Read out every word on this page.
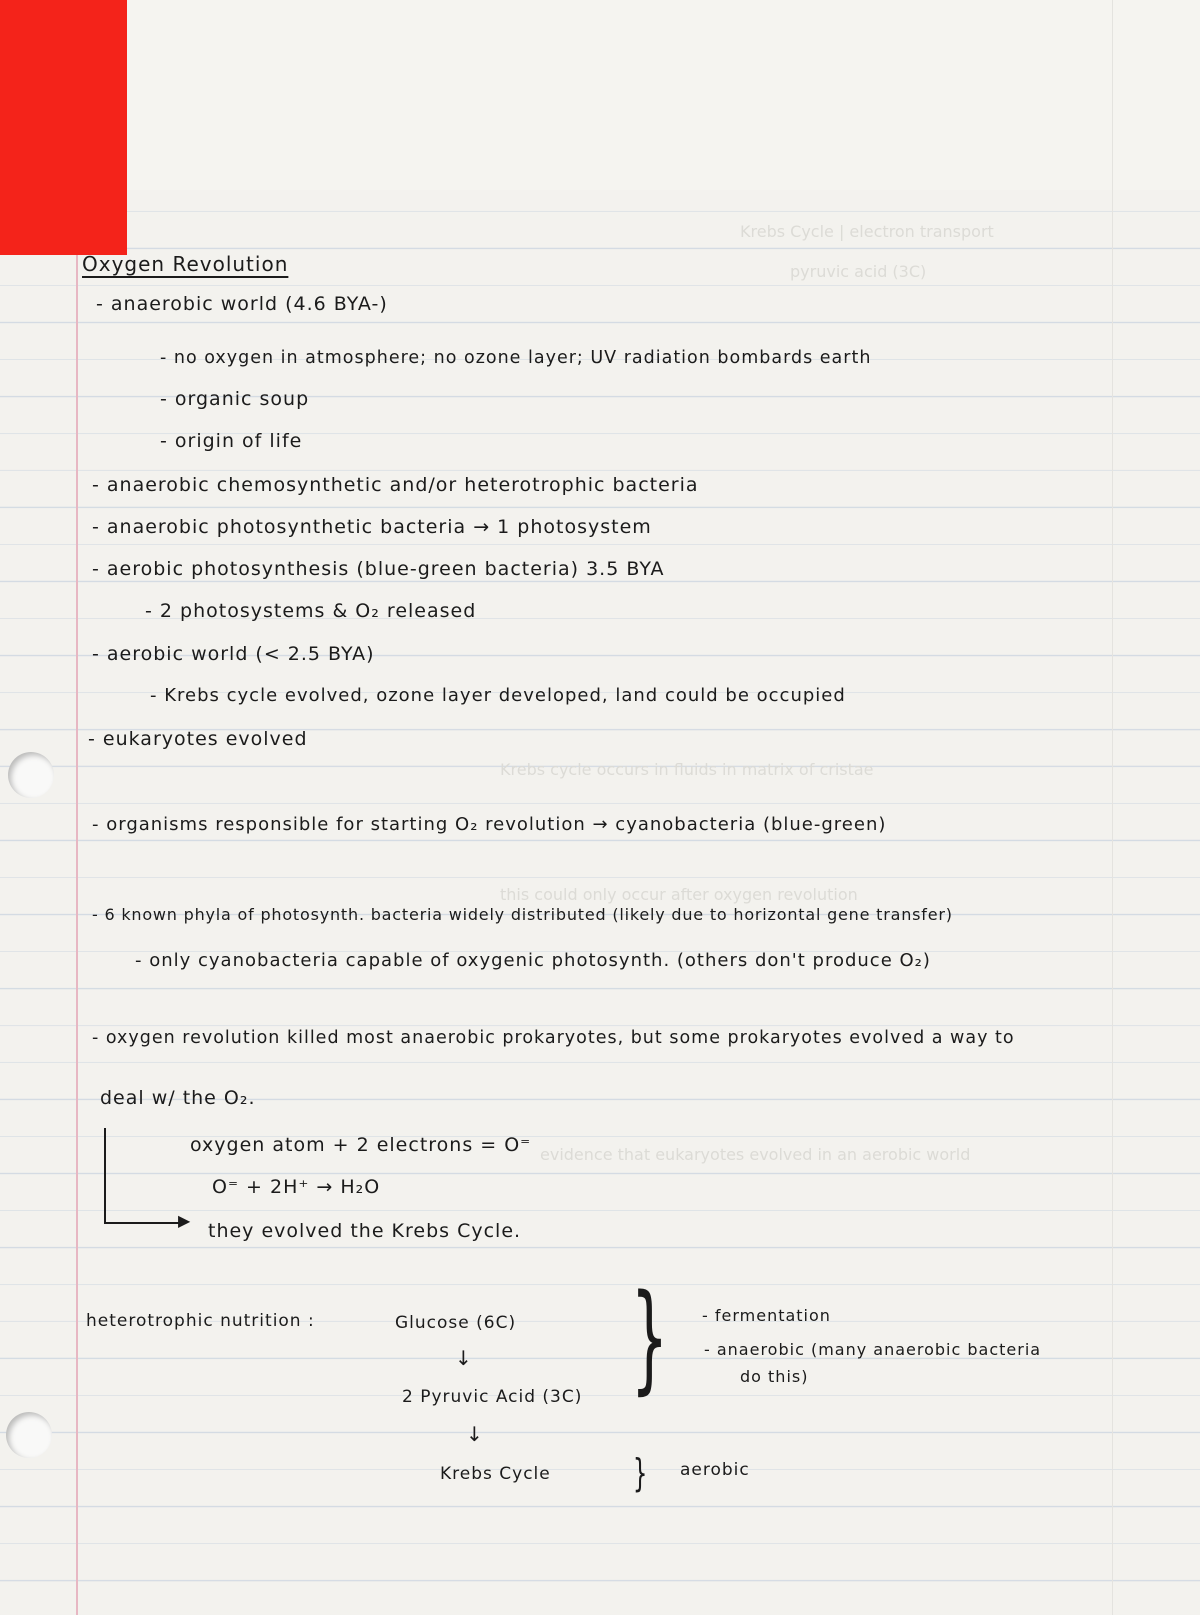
Krebs Cycle | electron transport
pyruvic acid (3C)
Krebs cycle occurs in fluids in matrix of cristae
this could only occur after oxygen revolution
evidence that eukaryotes evolved in an aerobic world
Oxygen Revolution
- anaerobic world (4.6 BYA-)
- no oxygen in atmosphere; no ozone layer; UV radiation bombards earth
- organic soup
- origin of life
- anaerobic chemosynthetic and/or heterotrophic bacteria
- anaerobic photosynthetic bacteria → 1 photosystem
- aerobic photosynthesis (blue-green bacteria) 3.5 BYA
- 2 photosystems & O₂ released
- aerobic world (< 2.5 BYA)
- Krebs cycle evolved, ozone layer developed, land could be occupied
- eukaryotes evolved
- organisms responsible for starting O₂ revolution → cyanobacteria (blue-green)
- 6 known phyla of photosynth. bacteria widely distributed (likely due to horizontal gene transfer)
- only cyanobacteria capable of oxygenic photosynth. (others don't produce O₂)
- oxygen revolution killed most anaerobic prokaryotes, but some prokaryotes evolved a way to
deal w/ the O₂.
▶
oxygen atom + 2 electrons = O⁼
O⁼ + 2H⁺ → H₂O
they evolved the Krebs Cycle.
heterotrophic nutrition :	Glucose (6C)
↓
2 Pyruvic Acid (3C)
↓
Krebs Cycle
}
}
- fermentation
- anaerobic (many anaerobic bacteria
do this)
aerobic
